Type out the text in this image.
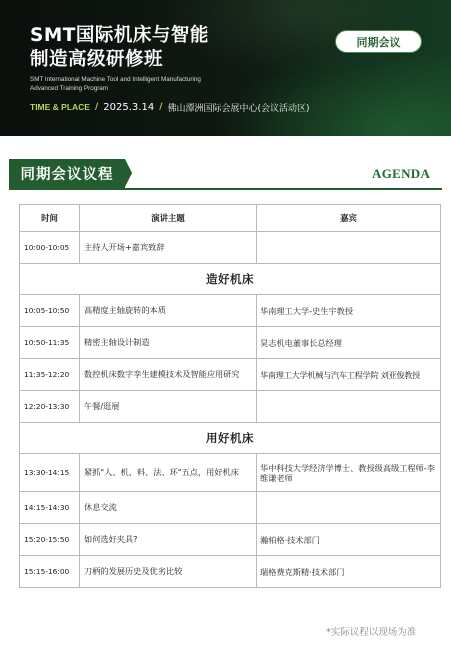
SMT国际机床与智能
制造高级研修班
SMT International Machine Tool and Intelligent Manufacturing
Advanced Training Program
TIME & PLACE / 2025.3.14 / 佛山潭洲国际会展中心(会议活动区)
同期会议
同期会议议程	AGENDA
时间	演讲主题	嘉宾
10:00-10:05	主持人开场+嘉宾致辞	
造好机床		
10:05-10:50	高精度主轴旋转的本质	华南理工大学-史生宇教授
10:50-11:35	精密主轴设计制造	昊志机电董事长总经理
11:35-12:20	数控机床数字孪生建模技术及智能应用研究	华南理工大学机械与汽车工程学院 刘亚俊教授
12:20-13:30	午餐/逛展	
用好机床		
13:30-14:15	紧抓"人、机、料、法、环"五点，用好机床	华中科技大学经济学博士、教授级高级工程师-李维谦老师
14:15-14:30	休息交流	
15:20-15:50	如何选好夹具?	瀚柏格·技术部门
15:15-16:00	刀柄的发展历史及优劣比较	瑞格费克斯精·技术部门
*实际议程以现场为准
